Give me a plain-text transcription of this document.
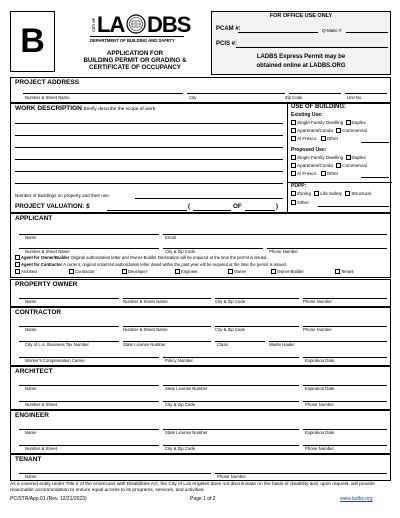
B	CITY OF LA DBS
DEPARTMENT OF BUILDING AND SAFETY
APPLICATION FOR
BUILDING PERMIT OR GRADING &
CERTIFICATE OF OCCUPANCY
FOR OFFICE USE ONLY
PCAM #:	Q-Matic #
PCIS #:
LADBS Express Permit may be
obtained online at LADBS.ORG
PROJECT ADDRESS
Number & Street Name	City	Zip Code	Unit No
WORK DESCRIPTION Briefly describe the scope of work:
Number of Buildings on property and their use:
PROJECT VALUATION: $	(	OF	)
USE OF BUILDING:
Existing Use:
Single Family Dwelling Duplex
Apartment/Condo Commercial
Al Fresco Other
Proposed Use:
Single Family Dwelling Duplex
Apartment/Condo Commercial
Al Fresco Other
PDPP:
Zoning Life Safety Structural
Other:
APPLICANT
Name	Email
Number & Street Name	City & Zip Code	Phone Number
Agent for Owner/Builder Original authorization letter and Owner-Builder Declaration will be required at the time the permit is issued.
Agent for Contractor A current, original notarized authorization letter dated within the past year will be required at the time the permit is issued.
Architect	Contractor	Developer	Engineer	Owner	Owner-Builder	Tenant
PROPERTY OWNER
Name	Number & Street Name	City & Zip Code	Phone Number
CONTRACTOR
Name	Number & Street Name	City & Zip Code	Phone Number
City of L.A. Business Tax Number	State License Number	Class	Waste Hauler
Worker's Compensation Carrier	Policy Number	Expiration Date
ARCHITECT
Name	State License Number	Expiration Date
Number & Street	City & Zip Code	Phone Number
ENGINEER
Name	State License Number	Expiration Date
Number & Street	City & Zip Code	Phone Number
TENANT
Name	Phone Number
As a covered entity under Title II of the Americans with Disabilities Act, the City of Los Angeles does not discriminate on the basis of disability and, upon request, will provide reasonable accommodation to ensure equal access to its programs, services, and activities.
PC/STR/App.01 (Rev. 12/21/2023)	Page 1 of 2	www.ladbs.org
